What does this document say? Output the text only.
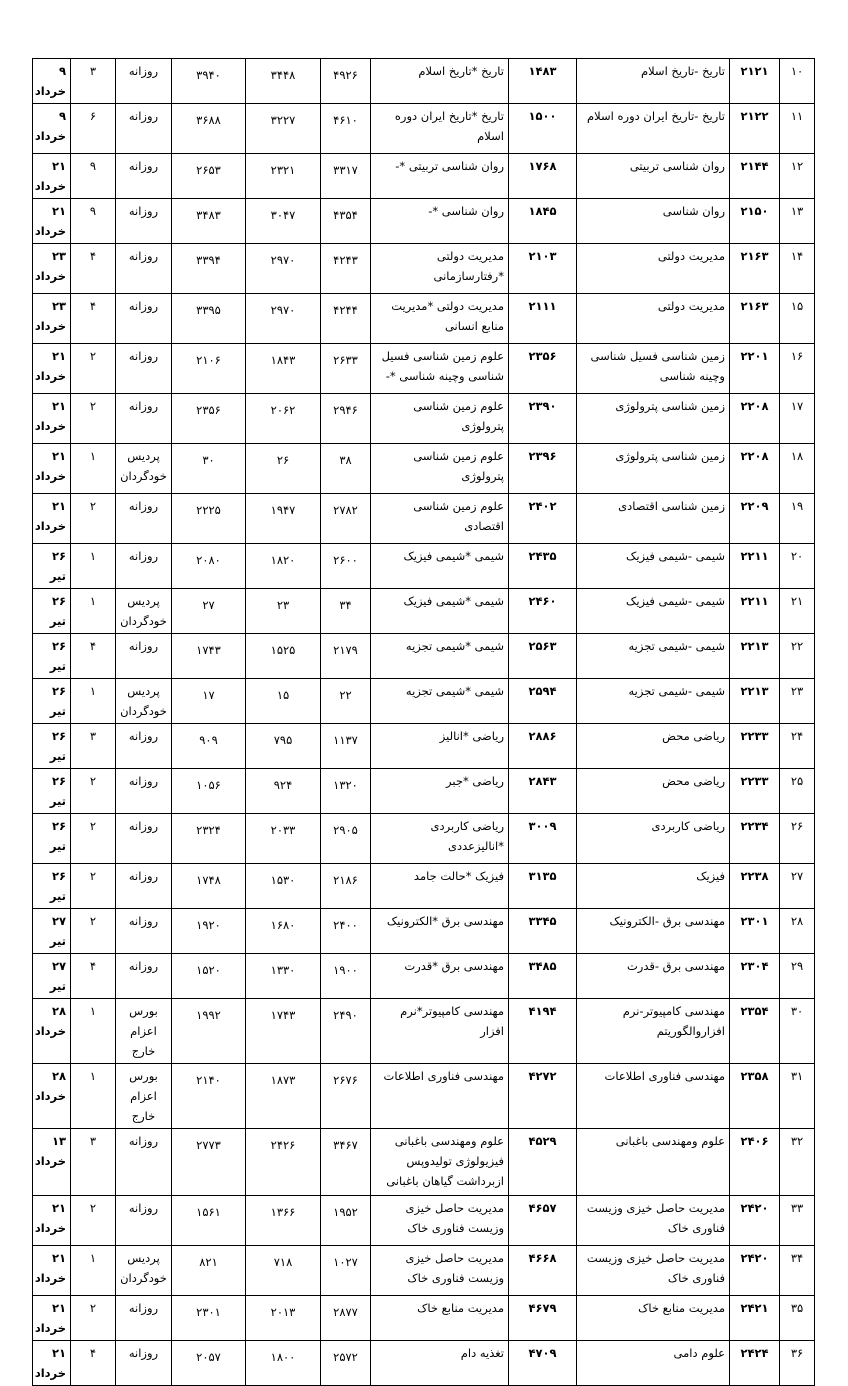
۱۰	۲۱۲۱	تاریخ -تاریخ اسلام	۱۴۸۳	تاریخ *تاریخ اسلام	۴۹۲۶	۳۴۴۸	۳۹۴۰	روزانه	۳	۹ خرداد
۱۱	۲۱۲۲	تاریخ -تاریخ ایران دوره اسلام	۱۵۰۰	تاریخ *تاریخ ایران دوره اسلام	۴۶۱۰	۳۲۲۷	۳۶۸۸	روزانه	۶	۹ خرداد
۱۲	۲۱۴۴	روان شناسی تربیتی	۱۷۶۸	روان شناسی تربیتی *-	۳۳۱۷	۲۳۲۱	۲۶۵۳	روزانه	۹	۲۱ خرداد
۱۳	۲۱۵۰	روان شناسی	۱۸۴۵	روان شناسی *-	۴۳۵۴	۳۰۴۷	۳۴۸۳	روزانه	۹	۲۱ خرداد
۱۴	۲۱۶۳	مدیریت دولتی	۲۱۰۳	مدیریت دولتی *رفتارسازمانی	۴۲۴۳	۲۹۷۰	۳۳۹۴	روزانه	۴	۲۳ خرداد
۱۵	۲۱۶۳	مدیریت دولتی	۲۱۱۱	مدیریت دولتی *مدیریت منابع انسانی	۴۲۴۴	۲۹۷۰	۳۳۹۵	روزانه	۴	۲۳ خرداد
۱۶	۲۲۰۱	زمین شناسی فسیل شناسی وچینه شناسی	۲۳۵۶	علوم زمین شناسی فسیل شناسی وچینه شناسی *-	۲۶۳۳	۱۸۴۳	۲۱۰۶	روزانه	۲	۲۱ خرداد
۱۷	۲۲۰۸	زمین شناسی پترولوژی	۲۳۹۰	علوم زمین شناسی پترولوژی	۲۹۴۶	۲۰۶۲	۲۳۵۶	روزانه	۲	۲۱ خرداد
۱۸	۲۲۰۸	زمین شناسی پترولوژی	۲۳۹۶	علوم زمین شناسی پترولوژی	۳۸	۲۶	۳۰	پردیس خودگردان	۱	۲۱ خرداد
۱۹	۲۲۰۹	زمین شناسی اقتصادی	۲۴۰۲	علوم زمین شناسی اقتصادی	۲۷۸۲	۱۹۴۷	۲۲۲۵	روزانه	۲	۲۱ خرداد
۲۰	۲۲۱۱	شیمی -شیمی فیزیک	۲۴۳۵	شیمی *شیمی فیزیک	۲۶۰۰	۱۸۲۰	۲۰۸۰	روزانه	۱	۲۶ تیر
۲۱	۲۲۱۱	شیمی -شیمی فیزیک	۲۴۶۰	شیمی *شیمی فیزیک	۳۴	۲۳	۲۷	پردیس خودگردان	۱	۲۶ تیر
۲۲	۲۲۱۳	شیمی -شیمی تجزیه	۲۵۶۳	شیمی *شیمی تجزیه	۲۱۷۹	۱۵۲۵	۱۷۴۳	روزانه	۴	۲۶ تیر
۲۳	۲۲۱۳	شیمی -شیمی تجزیه	۲۵۹۴	شیمی *شیمی تجزیه	۲۲	۱۵	۱۷	پردیس خودگردان	۱	۲۶ تیر
۲۴	۲۲۳۳	ریاضی محض	۲۸۸۶	ریاضی *انالیز	۱۱۳۷	۷۹۵	۹۰۹	روزانه	۳	۲۶ تیر
۲۵	۲۲۳۳	ریاضی محض	۲۸۴۳	ریاضی *جبر	۱۳۲۰	۹۲۴	۱۰۵۶	روزانه	۲	۲۶ تیر
۲۶	۲۲۳۴	ریاضی کاربردی	۳۰۰۹	ریاضی کاربردی *انالیزعددی	۲۹۰۵	۲۰۳۳	۲۳۲۴	روزانه	۲	۲۶ تیر
۲۷	۲۲۳۸	فیزیک	۳۱۳۵	فیزیک *حالت جامد	۲۱۸۶	۱۵۳۰	۱۷۴۸	روزانه	۲	۲۶ تیر
۲۸	۲۳۰۱	مهندسی برق -الکترونیک	۳۳۴۵	مهندسی برق *الکترونیک	۲۴۰۰	۱۶۸۰	۱۹۲۰	روزانه	۲	۲۷ تیر
۲۹	۲۳۰۴	مهندسی برق -قدرت	۳۴۸۵	مهندسی برق *قدرت	۱۹۰۰	۱۳۳۰	۱۵۲۰	روزانه	۴	۲۷ تیر
۳۰	۲۳۵۴	مهندسی کامپیوتر-نرم افزاروالگوریتم	۴۱۹۴	مهندسی کامپیوتر*نرم افزار	۲۴۹۰	۱۷۴۳	۱۹۹۲	بورس اعزام خارج	۱	۲۸ خرداد
۳۱	۲۳۵۸	مهندسی فناوری اطلاعات	۴۲۷۲	مهندسی فناوری اطلاعات	۲۶۷۶	۱۸۷۳	۲۱۴۰	بورس اعزام خارج	۱	۲۸ خرداد
۳۲	۲۴۰۶	علوم ومهندسی باغبانی	۴۵۲۹	علوم ومهندسی باغبانی فیزیولوژی تولیدوپس ازبرداشت گیاهان باغبانی	۳۴۶۷	۲۴۲۶	۲۷۷۳	روزانه	۳	۱۳ خرداد
۳۳	۲۴۲۰	مدیریت حاصل خیزی وزیست فناوری خاک	۴۶۵۷	مدیریت حاصل خیزی وزیست فناوری خاک	۱۹۵۲	۱۳۶۶	۱۵۶۱	روزانه	۲	۲۱ خرداد
۳۴	۲۴۲۰	مدیریت حاصل خیزی وزیست فناوری خاک	۴۶۶۸	مدیریت حاصل خیزی وزیست فناوری خاک	۱۰۲۷	۷۱۸	۸۲۱	پردیس خودگردان	۱	۲۱ خرداد
۳۵	۲۴۲۱	مدیریت منابع خاک	۴۶۷۹	مدیریت منابع خاک	۲۸۷۷	۲۰۱۳	۲۳۰۱	روزانه	۲	۲۱ خرداد
۳۶	۲۴۲۴	علوم دامی	۴۷۰۹	تغذیه دام	۲۵۷۲	۱۸۰۰	۲۰۵۷	روزانه	۴	۲۱ خرداد
